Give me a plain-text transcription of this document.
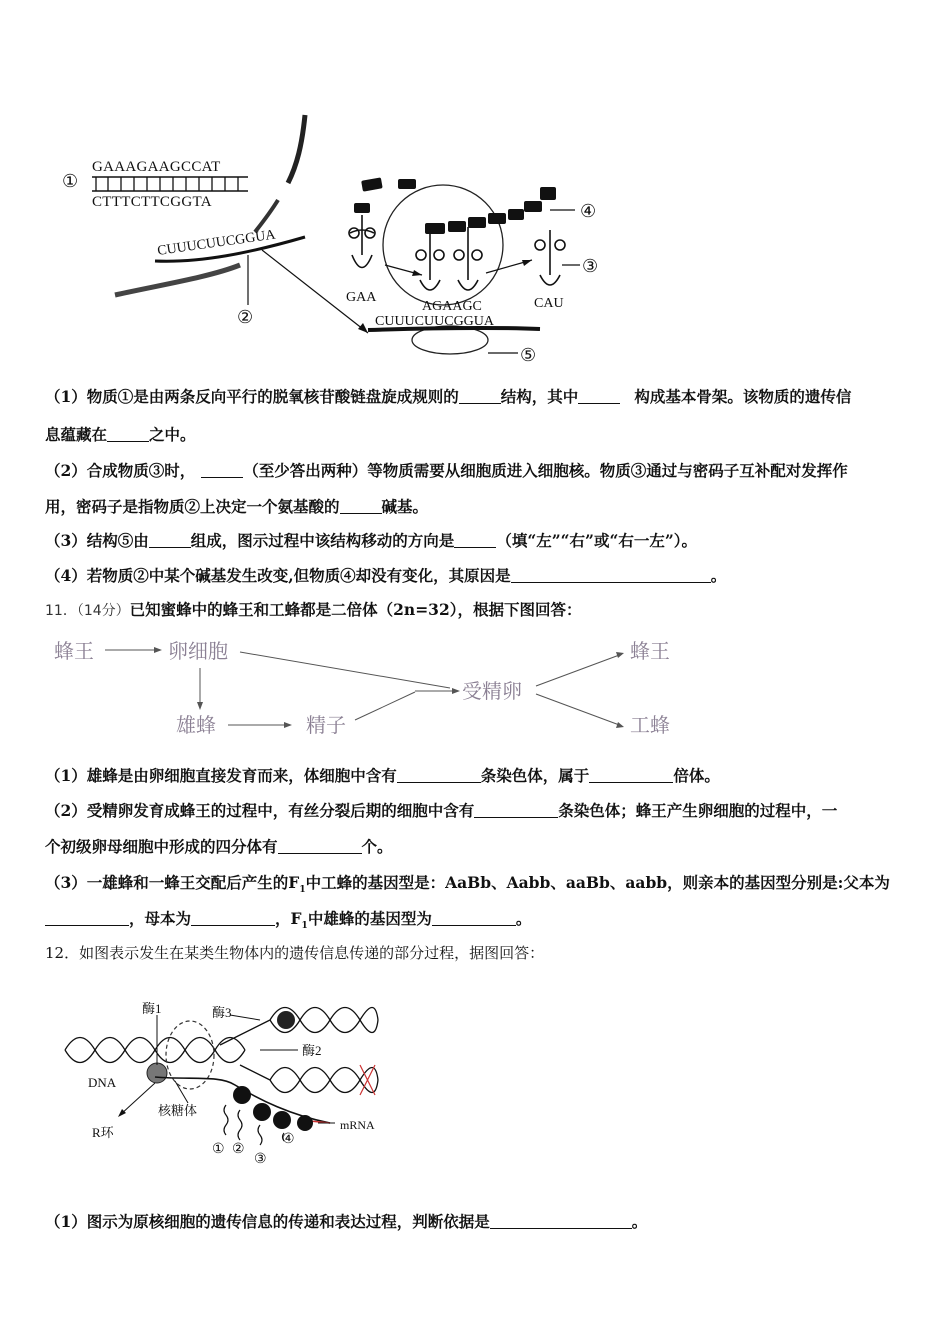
①
GAAAGAAGCCAT
CTTTCTTCGGTA
CUUUCUUCGGUA
②
④
GAA
AGAAGC	CAU
③
CUUUCUUCGGUA
⑤
（1）物质①是由两条反向平行的脱氧核苷酸链盘旋成规则的	结构，其中	构成基本骨架。该物质的遗传信
息蕴藏在	之中。
（2）合成物质③时，	（至少答出两种）等物质需要从细胞质进入细胞核。物质③通过与密码子互补配对发挥作
用，密码子是指物质②上决定一个氨基酸的	碱基。
（3）结构⑤由	组成，图示过程中该结构移动的方向是	（填“左”“右”或“右一左”）。
（4）若物质②中某个碱基发生改变,但物质④却没有变化，其原因是	。
11．（14分）已知蜜蜂中的蜂王和工蜂都是二倍体（2n=32），根据下图回答：
蜂王	卵细胞
雄蜂	精子
受精卵
蜂王
工蜂
（1）雄蜂是由卵细胞直接发育而来，体细胞中含有	条染色体，属于	倍体。
（2）受精卵发育成蜂王的过程中，有丝分裂后期的细胞中含有	条染色体；蜂王产生卵细胞的过程中，一
个初级卵母细胞中形成的四分体有	个。
（3）一雄蜂和一蜂王交配后产生的$F_1$中工蜂的基因型是：AaBb、Aabb、aaBb、aabb，则亲本的基因型分别是:父本为
，母本为	，$F_1$中雄蜂的基因型为	。
12．如图表示发生在某类生物体内的遗传信息传递的部分过程，据图回答：
酶1	酶3
酶2
DNA
核糖体
R环	mRNA
① ②
③
④
（1）图示为原核细胞的遗传信息的传递和表达过程，判断依据是	。
